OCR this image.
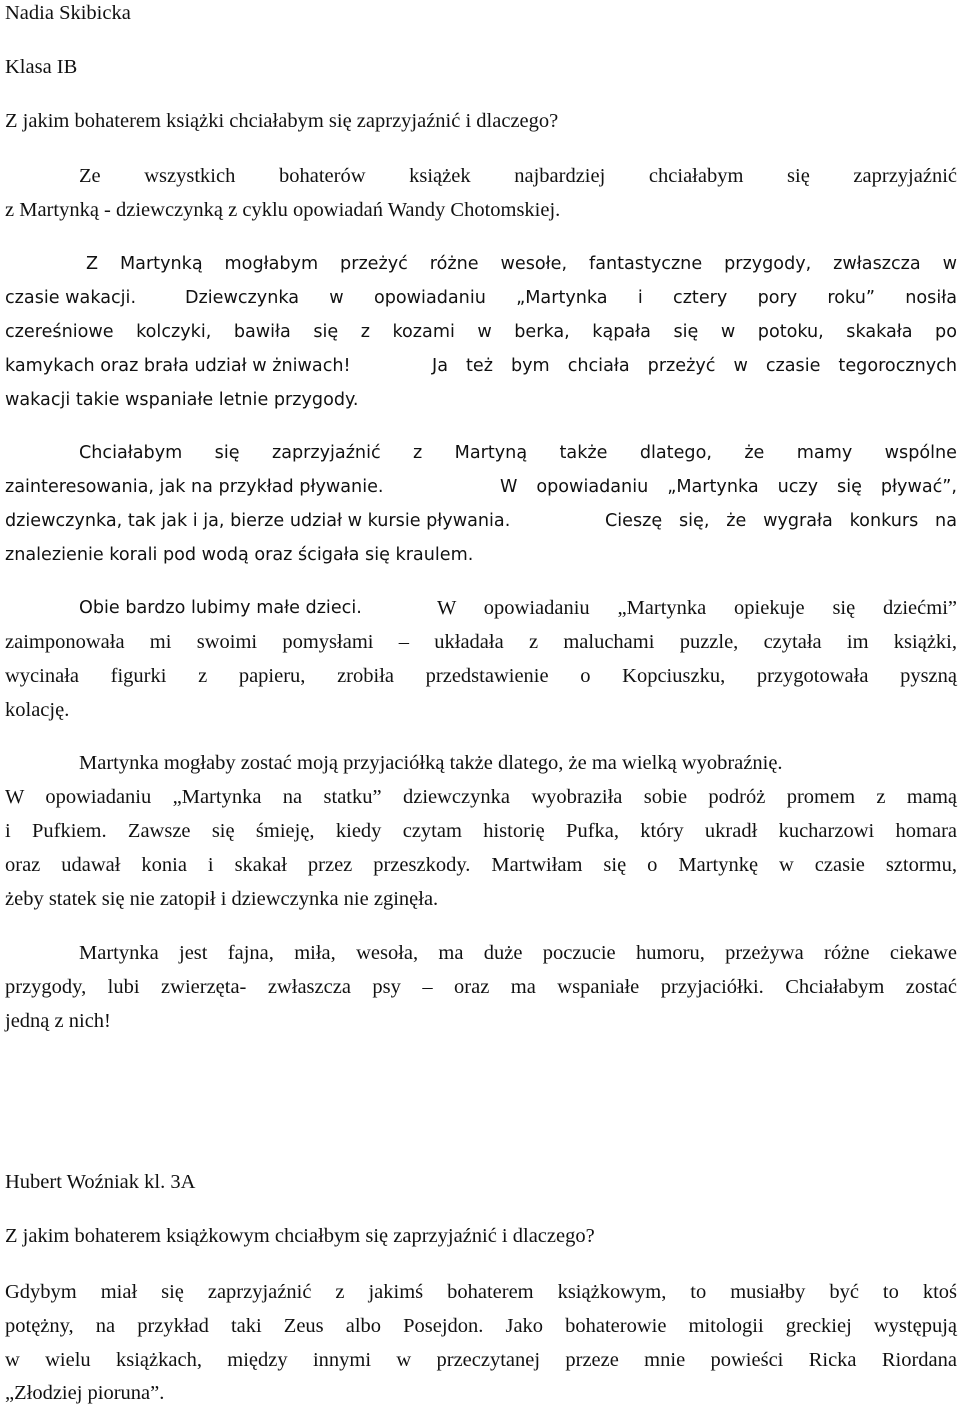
Nadia Skibicka
Klasa IB
Z jakim bohaterem książki chciałabym się zaprzyjaźnić i dlaczego?
Ze wszystkich bohaterów książek najbardziej chciałabym się zaprzyjaźnić
z Martynką - dziewczynką z cyklu opowiadań Wandy Chotomskiej.
Z Martynką mogłabym przeżyć różne wesołe, fantastyczne przygody, zwłaszcza w
czasie wakacji.	Dziewczynka w opowiadaniu „Martynka i cztery pory roku” nosiła
czereśniowe kolczyki, bawiła się z kozami w berka, kąpała się w potoku, skakała po
kamykach oraz brała udział w żniwach!	Ja też bym chciała przeżyć w czasie tegorocznych
wakacji takie wspaniałe letnie przygody.
Chciałabym się zaprzyjaźnić z Martyną także dlatego, że mamy wspólne
zainteresowania, jak na przykład pływanie.	W opowiadaniu „Martynka uczy się pływać”,
dziewczynka, tak jak i ja, bierze udział w kursie pływania.	Cieszę się, że wygrała konkurs na
znalezienie korali pod wodą oraz ścigała się kraulem.
Obie bardzo lubimy małe dzieci.	W opowiadaniu „Martynka opiekuje się dziećmi”
zaimponowała mi swoimi pomysłami – układała z maluchami puzzle, czytała im książki,
wycinała figurki z papieru, zrobiła przedstawienie o Kopciuszku, przygotowała pyszną
kolację.
Martynka mogłaby zostać moją przyjaciółką także dlatego, że ma wielką wyobraźnię.
W opowiadaniu „Martynka na statku” dziewczynka wyobraziła sobie podróż promem z mamą
i Pufkiem. Zawsze się śmieję, kiedy czytam historię Pufka, który ukradł kucharzowi homara
oraz udawał konia i skakał przez przeszkody. Martwiłam się o Martynkę w czasie sztormu,
żeby statek się nie zatopił i dziewczynka nie zginęła.
Martynka jest fajna, miła, wesoła, ma duże poczucie humoru, przeżywa różne ciekawe
przygody, lubi zwierzęta- zwłaszcza psy – oraz ma wspaniałe przyjaciółki. Chciałabym zostać
jedną z nich!
Hubert Woźniak kl. 3A
Z jakim bohaterem książkowym chciałbym się zaprzyjaźnić i dlaczego?
Gdybym miał się zaprzyjaźnić z jakimś bohaterem książkowym, to musiałby być to ktoś
potężny, na przykład taki Zeus albo Posejdon. Jako bohaterowie mitologii greckiej występują
w wielu książkach, między innymi w przeczytanej przeze mnie powieści Ricka Riordana
„Złodziej pioruna”.
